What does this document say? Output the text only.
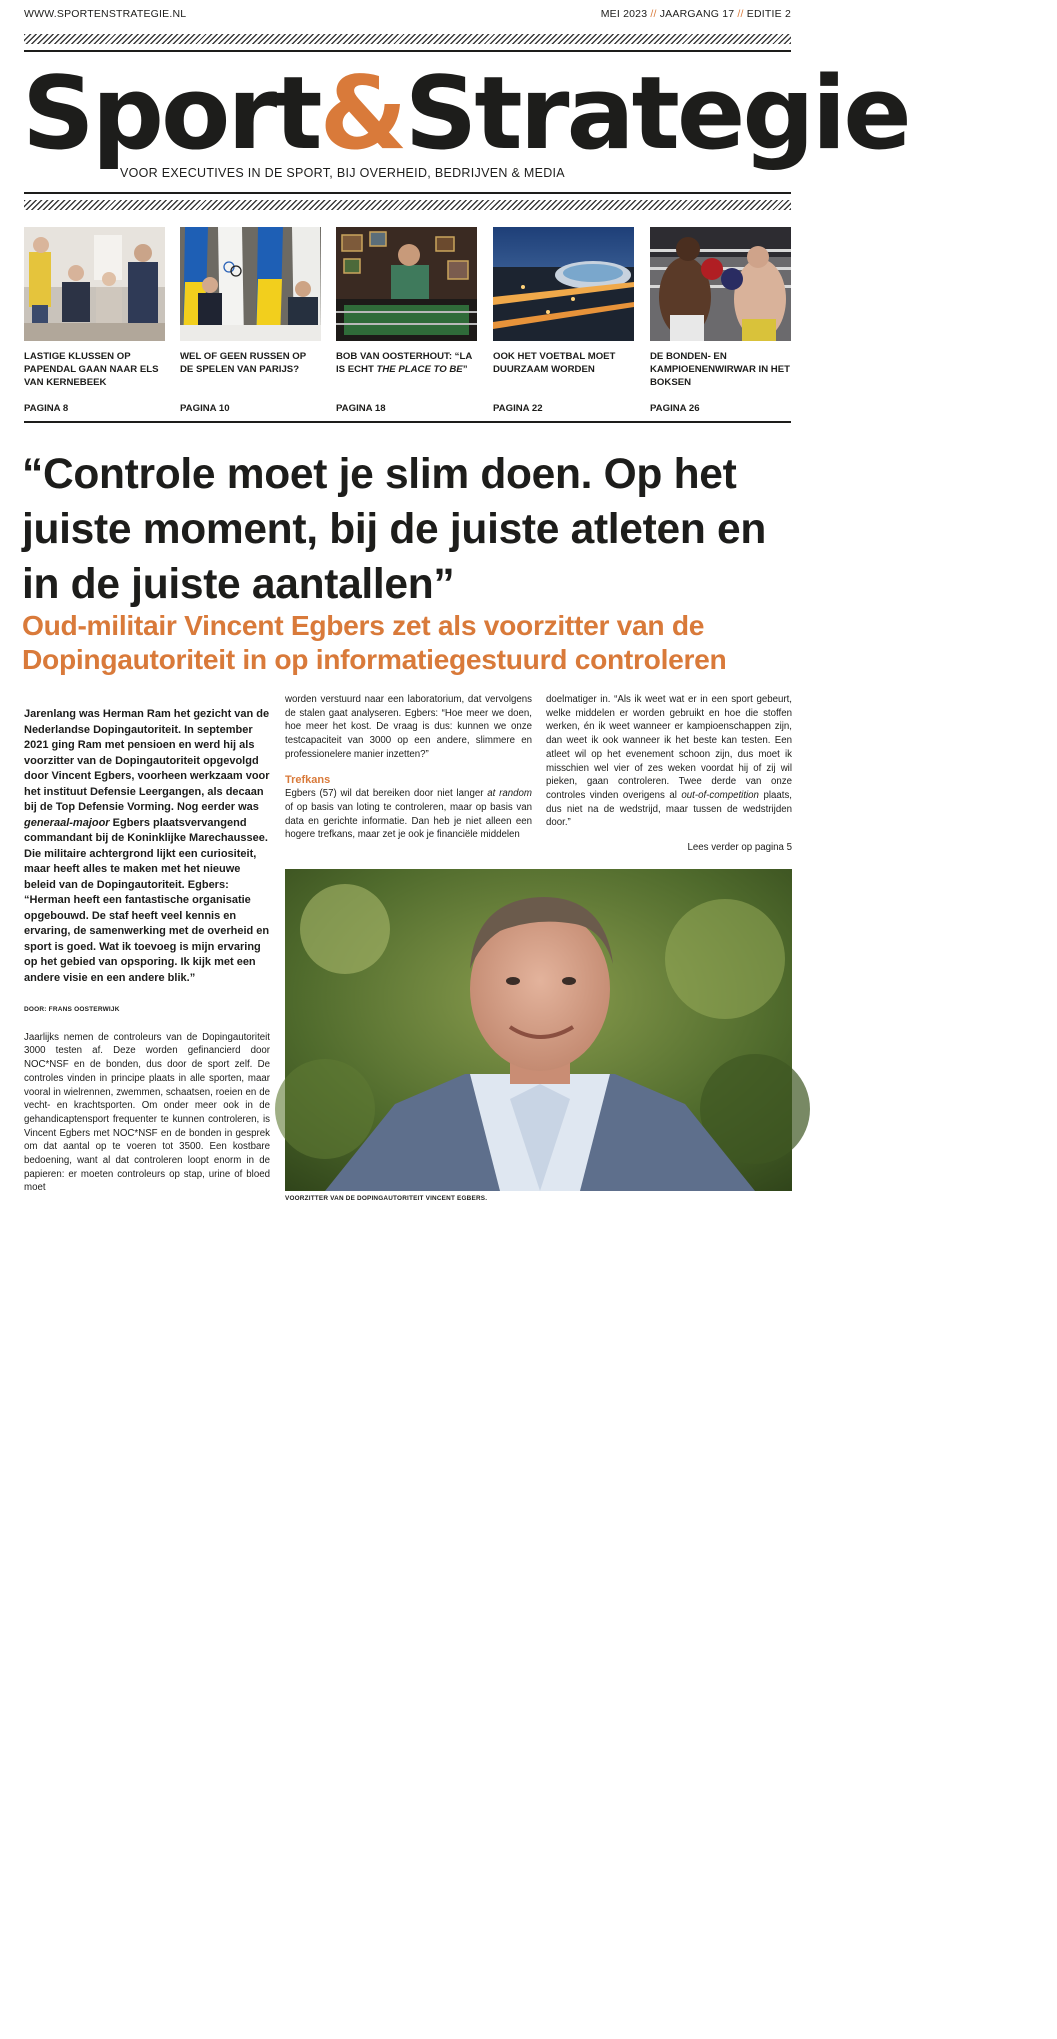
WWW.SPORTENSTRATEGIE.NL	MEI 2023 // JAARGANG 17 // EDITIE 2
Sport&Strategie
VOOR EXECUTIVES IN DE SPORT, BIJ OVERHEID, BEDRIJVEN & MEDIA
LASTIGE KLUSSEN OP PAPENDAL GAAN NAAR ELS VAN KERNEBEEK
PAGINA 8
WEL OF GEEN RUSSEN OP DE SPELEN VAN PARIJS?
PAGINA 10
BOB VAN OOSTERHOUT: “LA IS ECHT THE PLACE TO BE”
PAGINA 18
OOK HET VOETBAL MOET DUURZAAM WORDEN
PAGINA 22
DE BONDEN- EN KAMPIOENENWIRWAR IN HET BOKSEN
PAGINA 26
“Controle moet je slim doen. Op het juiste moment, bij de juiste atleten en in de juiste aantallen”
Oud-militair Vincent Egbers zet als voorzitter van de Dopingautoriteit in op informatiegestuurd controleren

Jarenlang was Herman Ram het gezicht van de Nederlandse Dopingautoriteit. In september 2021 ging Ram met pensioen en werd hij als voorzitter van de Dopingautoriteit opgevolgd door Vincent Egbers, voorheen werkzaam voor het instituut Defensie Leergangen, als decaan bij de Top Defensie Vorming. Nog eerder was generaal-majoor Egbers plaatsvervangend commandant bij de Koninklijke Marechaussee. Die militaire achtergrond lijkt een curiositeit, maar heeft alles te maken met het nieuwe beleid van de Dopingautoriteit. Egbers: “Herman heeft een fantastische organisatie opgebouwd. De staf heeft veel kennis en ervaring, de samenwerking met de overheid en sport is goed. Wat ik toevoeg is mijn ervaring op het gebied van opsporing. Ik kijk met een andere visie en een andere blik.”

DOOR: FRANS OOSTERWIJK

Jaarlijks nemen de controleurs van de Dopingautoriteit 3000 testen af. Deze worden gefinancierd door NOC*NSF en de bonden, dus door de sport zelf. De controles vinden in principe plaats in alle sporten, maar vooral in wielrennen, zwemmen, schaatsen, roeien en de vecht- en krachtsporten. Om onder meer ook in de gehandicaptensport frequenter te kunnen controleren, is Vincent Egbers met NOC*NSF en de bonden in gesprek om dat aantal op te voeren tot 3500. Een kostbare bedoening, want al dat controleren loopt enorm in de papieren: er moeten controleurs op stap, urine of bloed moet

worden verstuurd naar een laboratorium, dat vervolgens de stalen gaat analyseren. Egbers: “Hoe meer we doen, hoe meer het kost. De vraag is dus: kunnen we onze testcapaciteit van 3000 op een andere, slimmere en professionelere manier inzetten?”

Trefkans

Egbers (57) wil dat bereiken door niet langer at random of op basis van loting te controleren, maar op basis van data en gerichte informatie. Dan heb je niet alleen een hogere trefkans, maar zet je ook je financiële middelen

doelmatiger in. “Als ik weet wat er in een sport gebeurt, welke middelen er worden gebruikt en hoe die stoffen werken, én ik weet wanneer er kampioenschappen zijn, dan weet ik ook wanneer ik het beste kan testen. Een atleet wil op het evenement schoon zijn, dus moet ik misschien wel vier of zes weken voordat hij of zij wil pieken, gaan controleren. Twee derde van onze controles vinden overigens al out-of-competition plaats, dus niet na de wedstrijd, maar tussen de wedstrijden door.”

Lees verder op pagina 5

FOTO: ANP
VOORZITTER VAN DE DOPINGAUTORITEIT VINCENT EGBERS.
